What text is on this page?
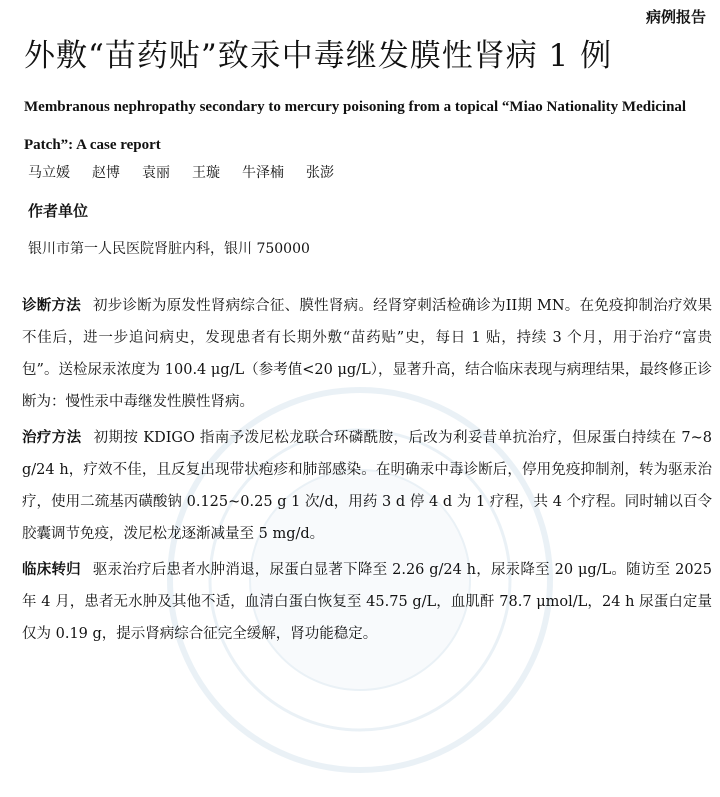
病例报告
外敷“苗药贴”致汞中毒继发膜性肾病 1 例
Membranous nephropathy secondary to mercury poisoning from a topical “Miao Nationality Medicinal Patch”: A case report
马立媛 赵博 袁丽 王璇 牛泽楠 张澎
作者单位
银川市第一人民医院肾脏内科，银川 750000

诊断方法 初步诊断为原发性肾病综合征、膜性肾病。经肾穿刺活检确诊为II期 MN。在免疫抑制治疗效果不佳后，进一步追问病史，发现患者有长期外敷“苗药贴”史，每日 1 贴，持续 3 个月，用于治疗“富贵包”。送检尿汞浓度为 100.4 μg/L（参考值<20 μg/L），显著升高，结合临床表现与病理结果，最终修正诊断为：慢性汞中毒继发性膜性肾病。

治疗方法 初期按 KDIGO 指南予泼尼松龙联合环磷酰胺，后改为利妥昔单抗治疗，但尿蛋白持续在 7~8 g/24 h，疗效不佳，且反复出现带状疱疹和肺部感染。在明确汞中毒诊断后，停用免疫抑制剂，转为驱汞治疗，使用二巯基丙磺酸钠 0.125~0.25 g 1 次/d，用药 3 d 停 4 d 为 1 疗程，共 4 个疗程。同时辅以百令胶囊调节免疫，泼尼松龙逐渐减量至 5 mg/d。

临床转归 驱汞治疗后患者水肿消退，尿蛋白显著下降至 2.26 g/24 h，尿汞降至 20 μg/L。随访至 2025 年 4 月，患者无水肿及其他不适，血清白蛋白恢复至 45.75 g/L，血肌酐 78.7 μmol/L，24 h 尿蛋白定量仅为 0.19 g，提示肾病综合征完全缓解，肾功能稳定。
